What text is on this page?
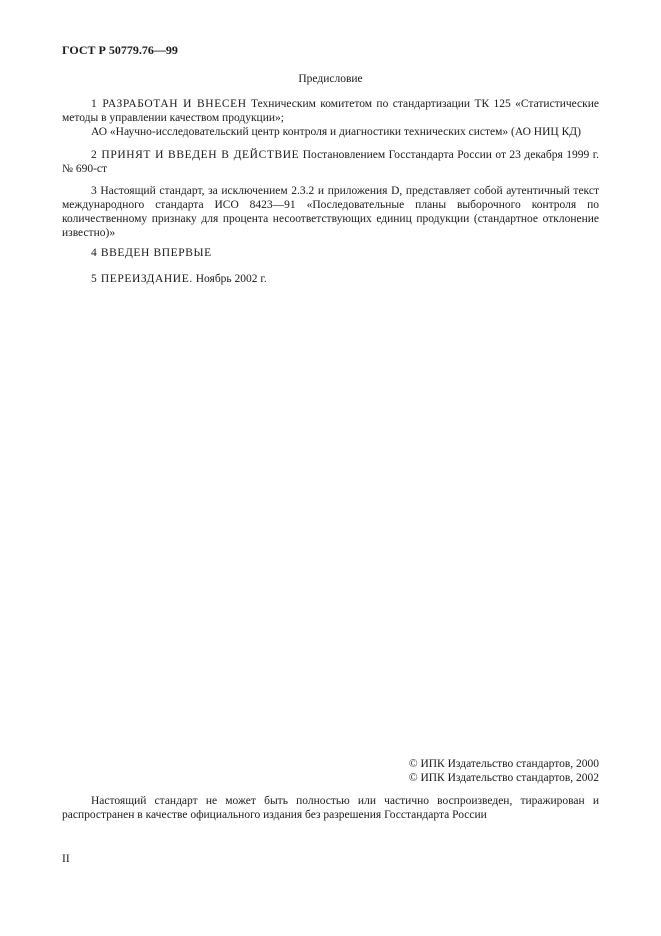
ГОСТ Р 50779.76—99
Предисловие

1 РАЗРАБОТАН И ВНЕСЕН Техническим комитетом по стандартизации ТК 125 «Статистические методы в управлении качеством продукции»;

АО «Научно-исследовательский центр контроля и диагностики технических систем» (АО НИЦ КД)

2 ПРИНЯТ И ВВЕДЕН В ДЕЙСТВИЕ Постановлением Госстандарта России от 23 декабря 1999 г. № 690-ст

3 Настоящий стандарт, за исключением 2.3.2 и приложения D, представляет собой аутентичный текст международного стандарта ИСО 8423—91 «Последовательные планы выборочного контроля по количественному признаку для процента несоответствующих единиц продукции (стандартное отклонение известно)»

4 ВВЕДЕН ВПЕРВЫЕ

5 ПЕРЕИЗДАНИЕ. Ноябрь 2002 г.

© ИПК Издательство стандартов, 2000
© ИПК Издательство стандартов, 2002

Настоящий стандарт не может быть полностью или частично воспроизведен, тиражирован и распространен в качестве официального издания без разрешения Госстандарта России

II
